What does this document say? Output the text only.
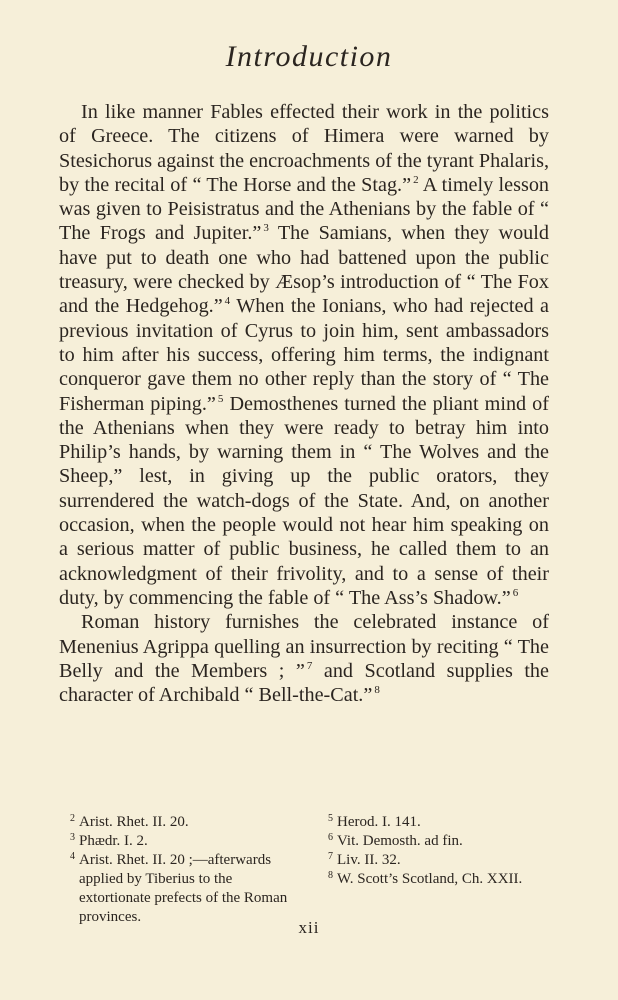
Introduction

In like manner Fables effected their work in the politics of Greece. The citizens of Himera were warned by Stesichorus against the encroachments of the tyrant Phalaris, by the recital of “ The Horse and the Stag.” $^2$ A timely lesson was given to Peisistratus and the Athenians by the fable of “ The Frogs and Jupiter.” $^3$ The Samians, when they would have put to death one who had battened upon the public treasury, were checked by Æsop’s introduction of “ The Fox and the Hedgehog.” $^4$ When the Ionians, who had rejected a previous invitation of Cyrus to join him, sent ambassadors to him after his success, offering him terms, the indignant conqueror gave them no other reply than the story of “ The Fisherman piping.” $^5$ Demosthenes turned the pliant mind of the Athenians when they were ready to betray him into Philip’s hands, by warning them in “ The Wolves and the Sheep,” lest, in giving up the public orators, they surrendered the watch-dogs of the State. And, on another occasion, when the people would not hear him speaking on a serious matter of public business, he called them to an acknowledgment of their frivolity, and to a sense of their duty, by commencing the fable of “ The Ass’s Shadow.” $^6$

Roman history furnishes the celebrated instance of Menenius Agrippa quelling an insurrection by reciting “ The Belly and the Members ; ” $^7$ and Scotland supplies the character of Archibald “ Bell-the-Cat.” $^8$

2 Arist. Rhet. II. 20.
3 Phædr. I. 2.
4 Arist. Rhet. II. 20 ;—afterwards applied by Tiberius to the extortionate prefects of the Roman provinces.
5 Herod. I. 141.
6 Vit. Demosth. ad fin.
7 Liv. II. 32.
8 W. Scott’s Scotland, Ch. XXII.
xii
